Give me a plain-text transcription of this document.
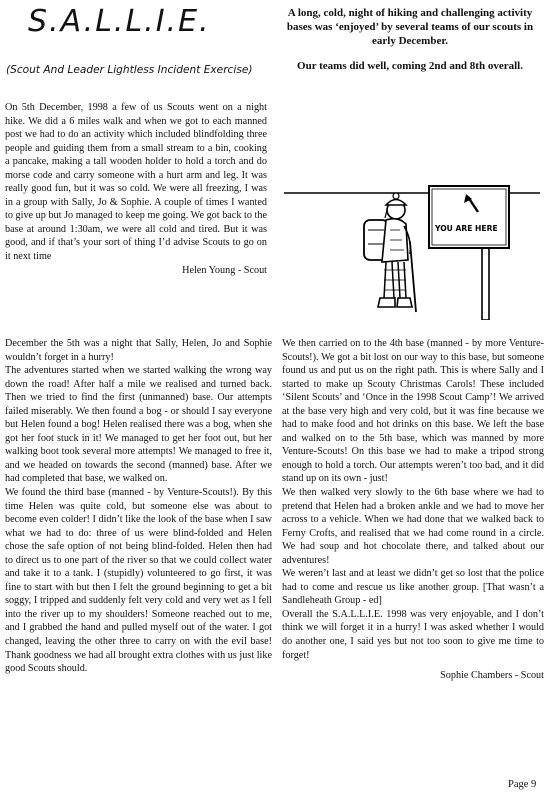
S.A.L.L.I.E.

(Scout And Leader Lightless Incident Exercise)

A long, cold, night of hiking and challenging activity bases was ‘enjoyed’ by several teams of our scouts in early December.

Our teams did well, coming 2nd and 8th overall.

YOU ARE HERE

On 5th December, 1998 a few of us Scouts went on a night hike. We did a 6 miles walk and when we got to each manned post we had to do an activity which included blindfolding three people and guiding them from a small stream to a bin, cooking a pancake, making a tall wooden holder to hold a torch and do morse code and carry someone with a hurt arm and leg. It was really good fun, but it was so cold. We were all freezing, I was in a group with Sally, Jo & Sophie. A couple of times I wanted to give up but Jo managed to keep me going. We got back to the base at around 1:30am, we were all cold and tired. But it was good, and if that’s your sort of thing I’d advise Scouts to go on it next time

Helen Young - Scout

December the 5th was a night that Sally, Helen, Jo and Sophie wouldn’t forget in a hurry!

The adventures started when we started walking the wrong way down the road! After half a mile we realised and turned back. Then we tried to find the first (unmanned) base. Our attempts failed miserably. We then found a bog - or should I say everyone but Helen found a bog! Helen realised there was a bog, when she got her foot stuck in it! We managed to get her foot out, but her walking boot took several more attempts! We managed to free it, and we headed on towards the second (manned) base. After we had completed that base, we walked on.

We found the third base (manned - by Venture-Scouts!). By this time Helen was quite cold, but someone else was about to become even colder! I didn’t like the look of the base when I saw what we had to do: three of us were blind-folded and Helen chose the safe option of not being blind-folded. Helen then had to direct us to one part of the river so that we could collect water and take it to a tank. I (stupidly) volunteered to go first, it was fine to start with but then I felt the ground beginning to get a bit soggy, I tripped and suddenly felt very cold and very wet as I fell into the river up to my shoulders! Someone reached out to me, and I grabbed the hand and pulled myself out of the water. I got changed, leaving the other three to carry on with the evil base! Thank goodness we had all brought extra clothes with us just like good Scouts should.

We then carried on to the 4th base (manned - by more Venture-Scouts!). We got a bit lost on our way to this base, but someone found us and put us on the right path. This is where Sally and I started to make up Scouty Christmas Carols! These included ‘Silent Scouts’ and ‘Once in the 1998 Scout Camp’! We arrived at the base very high and very cold, but it was fine because we had to make food and hot drinks on this base. We left the base and walked on to the 5th base, which was manned by more Venture-Scouts! On this base we had to make a tripod strong enough to hold a torch. Our attempts weren’t too bad, and it did stand up on its own - just!

We then walked very slowly to the 6th base where we had to pretend that Helen had a broken ankle and we had to move her across to a vehicle. When we had done that we walked back to Ferny Crofts, and realised that we had come round in a circle. We had soup and hot chocolate there, and talked about our adventures!

We weren’t last and at least we didn’t get so lost that the police had to come and rescue us like another group. [That wasn’t a Sandleheath Group - ed]

Overall the S.A.L.L.I.E. 1998 was very enjoyable, and I don’t think we will forget it in a hurry! I was asked whether I would do another one, I said yes but not too soon to give me time to forget!

Sophie Chambers - Scout

Page 9
